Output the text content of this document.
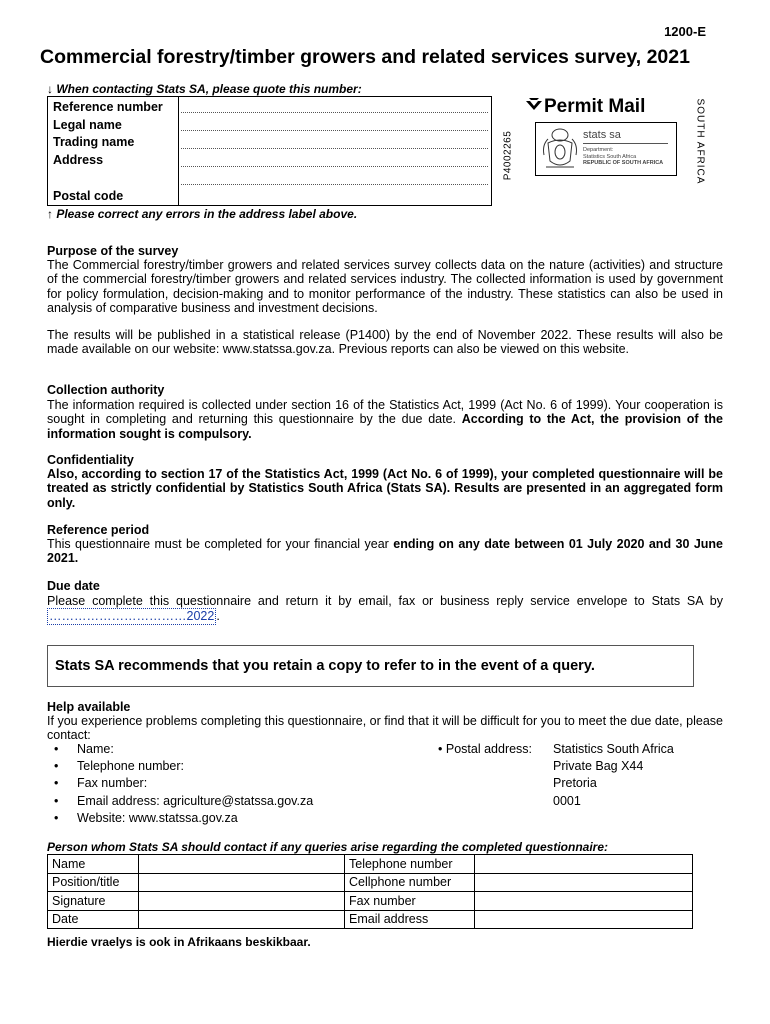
1200-E
Commercial forestry/timber growers and related services survey, 2021
↓ When contacting Stats SA, please quote this number:
Reference number
Legal name
Trading name
Address
Postal code
↑ Please correct any errors in the address label above.
P4002265
Permit Mail
stats sa
Department:
Statistics South Africa
REPUBLIC OF SOUTH AFRICA	SOUTH AFRICA
Purpose of the survey
The Commercial forestry/timber growers and related services survey collects data on the nature (activities) and structure of the commercial forestry/timber growers and related services industry. The collected information is used by government for policy formulation, decision-making and to monitor performance of the industry. These statistics can also be used in analysis of comparative business and investment decisions.
The results will be published in a statistical release (P1400) by the end of November 2022. These results will also be made available on our website: www.statssa.gov.za. Previous reports can also be viewed on this website.
Collection authority
The information required is collected under section 16 of the Statistics Act, 1999 (Act No. 6 of 1999). Your cooperation is sought in completing and returning this questionnaire by the due date. According to the Act, the provision of the information sought is compulsory.
Confidentiality
Also, according to section 17 of the Statistics Act, 1999 (Act No. 6 of 1999), your completed questionnaire will be treated as strictly confidential by Statistics South Africa (Stats SA). Results are presented in an aggregated form only.
Reference period
This questionnaire must be completed for your financial year ending on any date between 01 July 2020 and 30 June 2021.
Due date
Please complete this questionnaire and return it by email, fax or business reply service envelope to Stats SA by ……………………………2022 .
Stats SA recommends that you retain a copy to refer to in the event of a query.
Help available
If you experience problems completing this questionnaire, or find that it will be difficult for you to meet the due date, please contact:
• Name:
• Telephone number:
• Fax number:
• Email address: agriculture@statssa.gov.za
• Website: www.statssa.gov.za
• Postal address: Statistics South Africa
Private Bag X44
Pretoria
0001
Person whom Stats SA should contact if any queries arise regarding the completed questionnaire:
Name		Telephone number	
Position/title		Cellphone number	
Signature		Fax number	
Date		Email address	
Hierdie vraelys is ook in Afrikaans beskikbaar.
